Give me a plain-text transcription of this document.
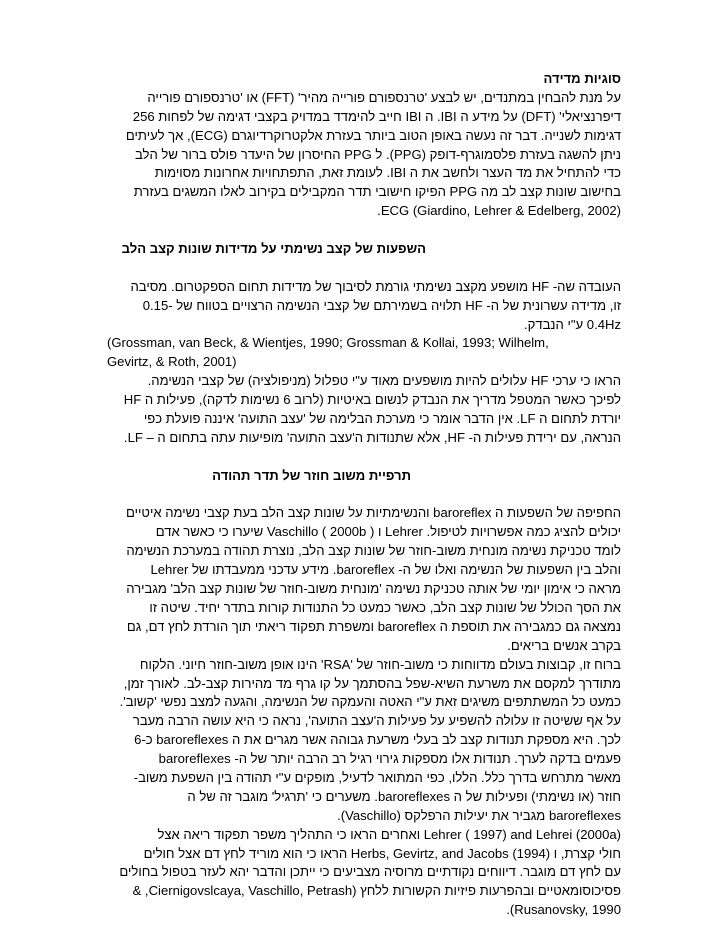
סוגיות מדידה
על מנת להבחין במתנדים, יש לבצע 'טרנספורם פורייה מהיר' (FFT) או 'טרנספורם פורייה
דיפרנציאלי' (DFT) על מידע ה IBI. ה IBI חייב להימדד במדויק בקצבי דגימה של לפחות 256
דגימות לשנייה. דבר זה נעשה באופן הטוב ביותר בעזרת אלקטרוקרדיוגרם (ECG), אך לעיתים
ניתן להשגה בעזרת פלסמוגרף-דופק (PPG). ל PPG החיסרון של היעדר פולס ברור של הלב
כדי להתחיל את מד העצר ולחשב את ה IBI. לעומת זאת, התפתחויות אחרונות מסוימות
בחישוב שונות קצב לב מה PPG הפיקו חישובי תדר המקבילים בקירוב לאלו המשגים בעזרת
ECG (Giardino, Lehrer & Edelberg, 2002).
השפעות של קצב נשימתי על מדידות שונות קצב הלב
העובדה שה- HF מושפע מקצב נשימתי גורמת לסיבוך של מדידות תחום הספקטרום. מסיבה
זו, מדידה עשרונית של ה- HF תלויה בשמירתם של קצבי הנשימה הרצויים בטווח של -0.15
0.4Hz ע"י הנבדק.
(Grossman, van Beck, & Wientjes, 1990; Grossman & Kollai, 1993; Wilhelm,
Gevirtz, & Roth, 2001)
הראו כי ערכי HF עלולים להיות מושפעים מאוד ע"י טפלול (מניפולציה) של קצבי הנשימה.
לפיכך כאשר המטפל מדריך את הנבדק לנשום באיטיות (לרוב 6 נשימות לדקה), פעילות ה HF
יורדת לתחום ה LF. אין הדבר אומר כי מערכת הבלימה של 'עצב התועה' איננה פועלת כפי
הנראה, עם ירידת פעילות ה- HF, אלא שתנודות ה'עצב התועה' מופיעות עתה בתחום ה – LF.
תרפיית משוב חוזר של תדר תהודה
החפיפה של השפעות ה baroreflex והנשימתיות על שונות קצב הלב בעת קצבי נשימה איטיים
יכולים להציג כמה אפשרויות לטיפול. Lehrer ו Vaschillo ( 2000b ) שיערו כי כאשר אדם
לומד טכניקת נשימה מונחית משוב-חוזר של שונות קצב הלב, נוצרת תהודה במערכת הנשימה
והלב בין השפעות של הנשימה ואלו של ה- baroreflex. מידע עדכני ממעבדתו של Lehrer
מראה כי אימון יומי של אותה טכניקת נשימה 'מונחית משוב-חוזר של שונות קצב הלב' מגבירה
את הסך הכולל של שונות קצב הלב, כאשר כמעט כל התנודות קורות בתדר יחיד. שיטה זו
נמצאה גם כמגבירה את תוספת ה baroreflex ומשפרת תפקוד ריאתי תוך הורדת לחץ דם, גם
בקרב אנשים בריאים.
ברוח זו, קבוצות בעולם מדווחות כי משוב-חוזר של 'RSA' הינו אופן משוב-חוזר חיוני. הלקוח
מתודרך למקסם את משרעת השיא-שפל בהסתמך על קו גרף מד מהירות קצב-לב. לאורך זמן,
כמעט כל המשתתפים משיגים זאת ע"י האטה והעמקה של הנשימה, והגעה למצב נפשי 'קשוב'.
על אף ששיטה זו עלולה להשפיע על פעילות ה'עצב התועה', נראה כי היא עושה הרבה מעבר
לכך. היא מספקת תנודות קצב לב בעלי משרעת גבוהה אשר מגרים את ה baroreflexes כ-6
פעמים בדקה לערך. תנודות אלו מספקות גירוי רגיל רב הרבה יותר של ה- baroreflexes
מאשר מתרחש בדרך כלל. הללו, כפי המתואר לדעיל, מופקים ע"י תהודה בין השפעת משוב-
חוזר (או נשימתי) ופעילות של ה baroreflexes. משערים כי 'תרגיל' מוגבר זה של ה
baroreflexes מגביר את יעילות הרפלקס (Vaschillo).
Lehrer ( 1997) and Lehrei (2000a) ואחרים הראו כי התהליך משפר תפקוד ריאה אצל
חולי קצרת, ו Herbs, Gevirtz, and Jacobs (1994) הראו כי הוא מוריד לחץ דם אצל חולים
עם לחץ דם מוגבר. דיווחים נקודתיים מרוסיה מצביעים כי ייתכן והדבר יהא לעזר בטפול בחולים
פסיכוסומאטיים ובהפרעות פיזיות הקשורות ללחץ (Ciernigovslcaya, Vaschillo, Petrash, &
Rusanovsky, 1990).
